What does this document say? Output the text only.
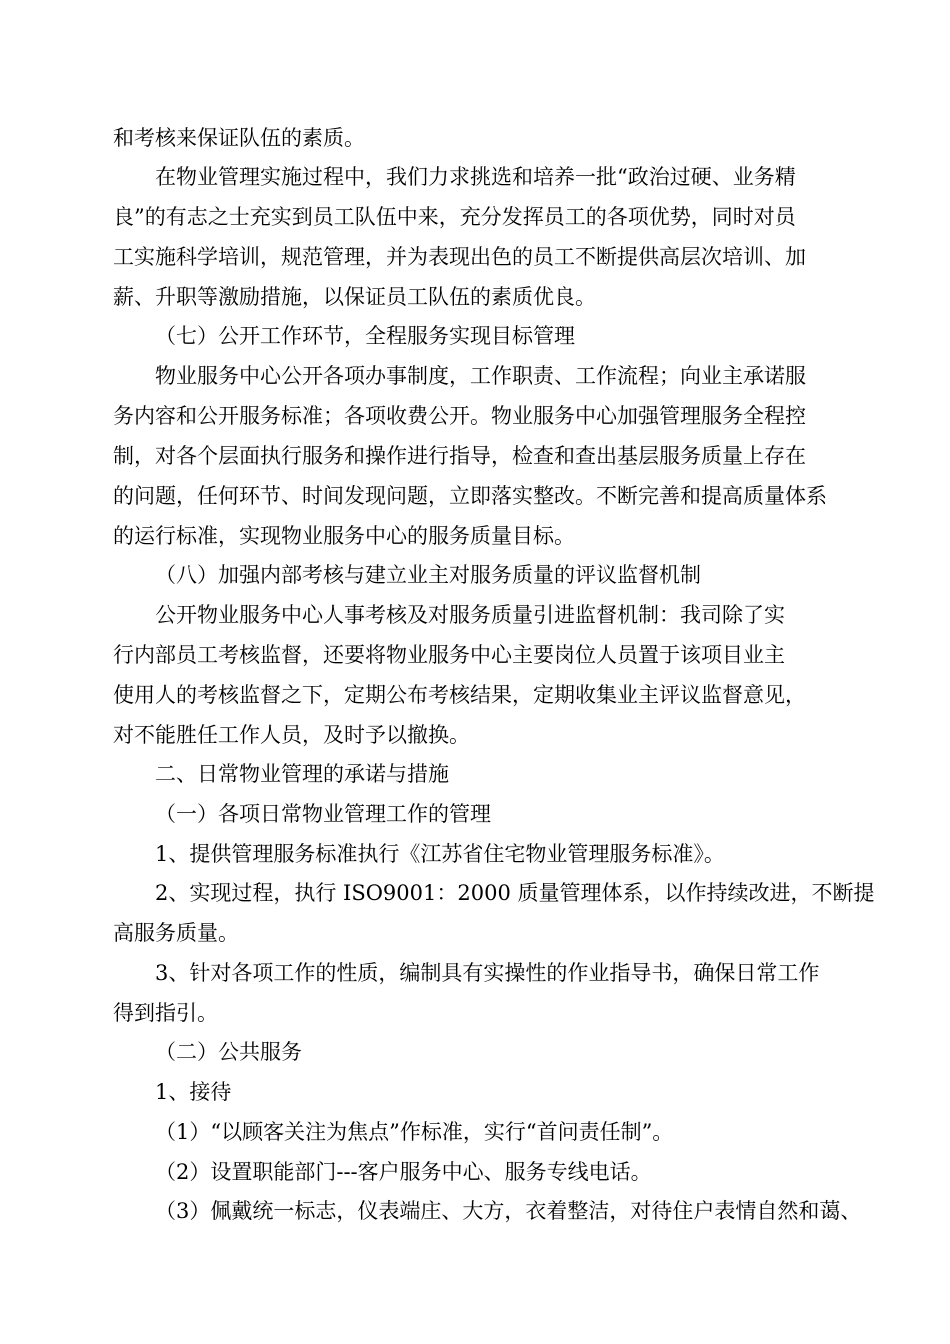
和考核来保证队伍的素质。

在物业管理实施过程中，我们力求挑选和培养一批“政治过硬、业务精
良”的有志之士充实到员工队伍中来，充分发挥员工的各项优势，同时对员
工实施科学培训，规范管理，并为表现出色的员工不断提供高层次培训、加
薪、升职等激励措施，以保证员工队伍的素质优良。

（七）公开工作环节，全程服务实现目标管理

物业服务中心公开各项办事制度，工作职责、工作流程；向业主承诺服
务内容和公开服务标准；各项收费公开。物业服务中心加强管理服务全程控
制，对各个层面执行服务和操作进行指导，检查和查出基层服务质量上存在
的问题，任何环节、时间发现问题，立即落实整改。不断完善和提高质量体系
的运行标准，实现物业服务中心的服务质量目标。

（八）加强内部考核与建立业主对服务质量的评议监督机制

公开物业服务中心人事考核及对服务质量引进监督机制：我司除了实
行内部员工考核监督，还要将物业服务中心主要岗位人员置于该项目业主
使用人的考核监督之下，定期公布考核结果，定期收集业主评议监督意见，
对不能胜任工作人员，及时予以撤换。

二、日常物业管理的承诺与措施

（一）各项日常物业管理工作的管理

1、提供管理服务标准执行《江苏省住宅物业管理服务标准》。

2、实现过程，执行 ISO9001：2000 质量管理体系，以作持续改进，不断提
高服务质量。
3、针对各项工作的性质，编制具有实操性的作业指导书，确保日常工作
得到指引。

（二）公共服务

1、接待

（1）“以顾客关注为焦点”作标准，实行“首问责任制”。

（2）设置职能部门---客户服务中心、服务专线电话。

（3）佩戴统一标志，仪表端庄、大方，衣着整洁，对待住户表情自然和蔼、
